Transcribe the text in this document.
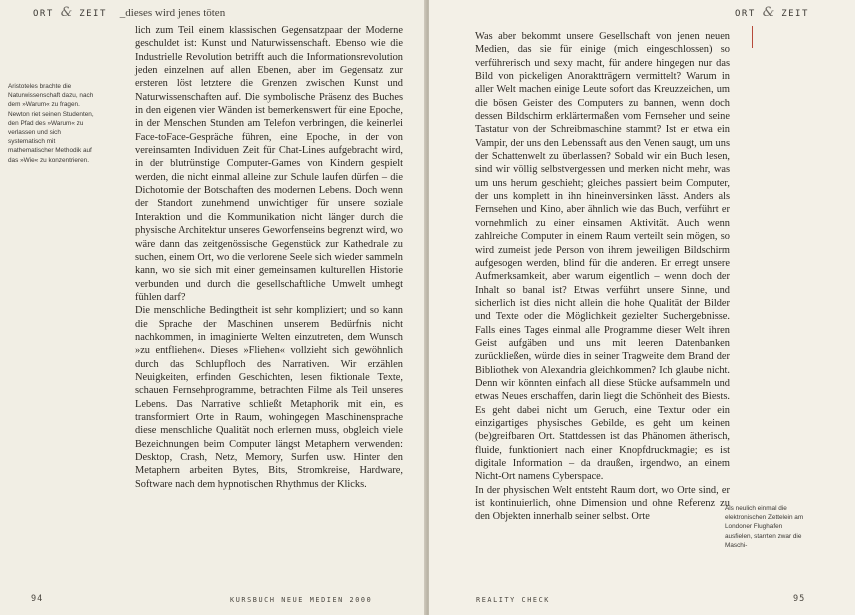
ORT & ZEIT _dieses wird jenes töten
Aristoteles brachte die Naturwissenschaft dazu, nach dem »Warum« zu fragen. Newton riet seinen Studenten, den Pfad des »Warum« zu verlassen und sich systematisch mit mathematischer Methodik auf das »Wie« zu konzentrieren.

lich zum Teil einem klassischen Gegensatzpaar der Moderne geschuldet ist: Kunst und Naturwissenschaft. Ebenso wie die Industrielle Revolution betrifft auch die Informationsrevolution jeden einzelnen auf allen Ebenen, aber im Gegensatz zur ersteren löst letztere die Grenzen zwischen Kunst und Naturwissenschaften auf. Die symbolische Präsenz des Buches in den eigenen vier Wänden ist bemerkenswert für eine Epoche, in der Menschen Stunden am Telefon verbringen, die keinerlei Face-toFace-Gespräche führen, eine Epoche, in der von vereinsamten Individuen Zeit für Chat-Lines aufgebracht wird, in der blutrünstige Computer-Games von Kindern gespielt werden, die nicht einmal alleine zur Schule laufen dürfen – die Dichotomie der Botschaften des modernen Lebens. Doch wenn der Standort zunehmend unwichtiger für unsere soziale Interaktion und die Kommunikation nicht länger durch die physische Architektur unseres Geworfenseins begrenzt wird, wo wäre dann das zeitgenössische Gegenstück zur Kathedrale zu suchen, einem Ort, wo die verlorene Seele sich wieder sammeln kann, wo sie sich mit einer gemeinsamen kulturellen Historie verbunden und durch die gesellschaftliche Umwelt umhegt fühlen darf?

Die menschliche Bedingtheit ist sehr kompliziert; und so kann die Sprache der Maschinen unserem Bedürfnis nicht nachkommen, in imaginierte Welten einzutreten, dem Wunsch »zu entfliehen«. Dieses »Fliehen« vollzieht sich gewöhnlich durch das Schlupfloch des Narrativen. Wir erzählen Neuigkeiten, erfinden Geschichten, lesen fiktionale Texte, schauen Fernsehprogramme, betrachten Filme als Teil unseres Lebens. Das Narrative schließt Metaphorik mit ein, es transformiert Orte in Raum, wohingegen Maschinensprache diese menschliche Qualität noch erlernen muss, obgleich viele Bezeichnungen beim Computer längst Metaphern verwenden: Desktop, Crash, Netz, Memory, Surfen usw. Hinter den Metaphern arbeiten Bytes, Bits, Stromkreise, Hardware, Software nach dem hypnotischen Rhythmus der Klicks.

94	KURSBUCH NEUE MEDIEN 2000
ORT & ZEIT

Was aber bekommt unsere Gesellschaft von jenen neuen Medien, das sie für einige (mich eingeschlossen) so verführerisch und sexy macht, für andere hingegen nur das Bild von pickeligen Anoraktträgern vermittelt? Warum in aller Welt machen einige Leute sofort das Kreuzzeichen, um die bösen Geister des Computers zu bannen, wenn doch dessen Bildschirm erklärtermaßen vom Fernseher und seine Tastatur von der Schreibmaschine stammt? Ist er etwa ein Vampir, der uns den Lebenssaft aus den Venen saugt, um uns der Schattenwelt zu überlassen? Sobald wir ein Buch lesen, sind wir völlig selbstvergessen und merken nicht mehr, was um uns herum geschieht; gleiches passiert beim Computer, der uns komplett in ihn hineinversinken lässt. Anders als Fernsehen und Kino, aber ähnlich wie das Buch, verführt er vornehmlich zu einer einsamen Aktivität. Auch wenn zahlreiche Computer in einem Raum verteilt sein mögen, so wird zumeist jede Person von ihrem jeweiligen Bildschirm aufgesogen werden, blind für die anderen. Er erregt unsere Aufmerksamkeit, aber warum eigentlich – wenn doch der Inhalt so banal ist? Etwas verführt unsere Sinne, und sicherlich ist dies nicht allein die hohe Qualität der Bilder und Texte oder die Möglichkeit gezielter Suchergebnisse. Falls eines Tages einmal alle Programme dieser Welt ihren Geist aufgäben und uns mit leeren Datenbanken zurückließen, würde dies in seiner Tragweite dem Brand der Bibliothek von Alexandria gleichkommen? Ich glaube nicht. Denn wir könnten einfach all diese Stücke aufsammeln und etwas Neues erschaffen, darin liegt die Schönheit des Biests. Es geht dabei nicht um Geruch, eine Textur oder ein einzigartiges physisches Gebilde, es geht um keinen (be)greifbaren Ort. Stattdessen ist das Phänomen ätherisch, fluide, funktioniert nach einer Knopfdruckmagie; es ist digitale Information – da draußen, irgendwo, an einem Nicht-Ort namens Cyberspace.

In der physischen Welt entsteht Raum dort, wo Orte sind, er ist kontinuierlich, ohne Dimension und ohne Referenz zu den Objekten innerhalb seiner selbst. Orte

Als neulich einmal die elektronischen Zettelein am Londoner Flughafen ausfielen, starrten zwar die Maschi-
REALITY CHECK	95
